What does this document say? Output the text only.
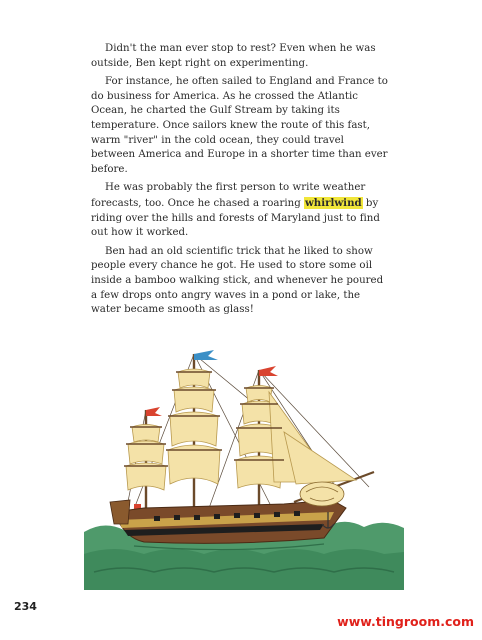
Didn't the man ever stop to rest? Even when he was outside, Ben kept right on experimenting.

For instance, he often sailed to England and France to do business for America. As he crossed the Atlantic Ocean, he charted the Gulf Stream by taking its temperature. Once sailors knew the route of this fast, warm "river" in the cold ocean, they could travel between America and Europe in a shorter time than ever before.

He was probably the first person to write weather forecasts, too. Once he chased a roaring whirlwind by riding over the hills and forests of Maryland just to find out how it worked.

Ben had an old scientific trick that he liked to show people every chance he got. He used to store some oil inside a bamboo walking stick, and whenever he poured a few drops onto angry waves in a pond or lake, the water became smooth as glass!

234
www.tingroom.com
